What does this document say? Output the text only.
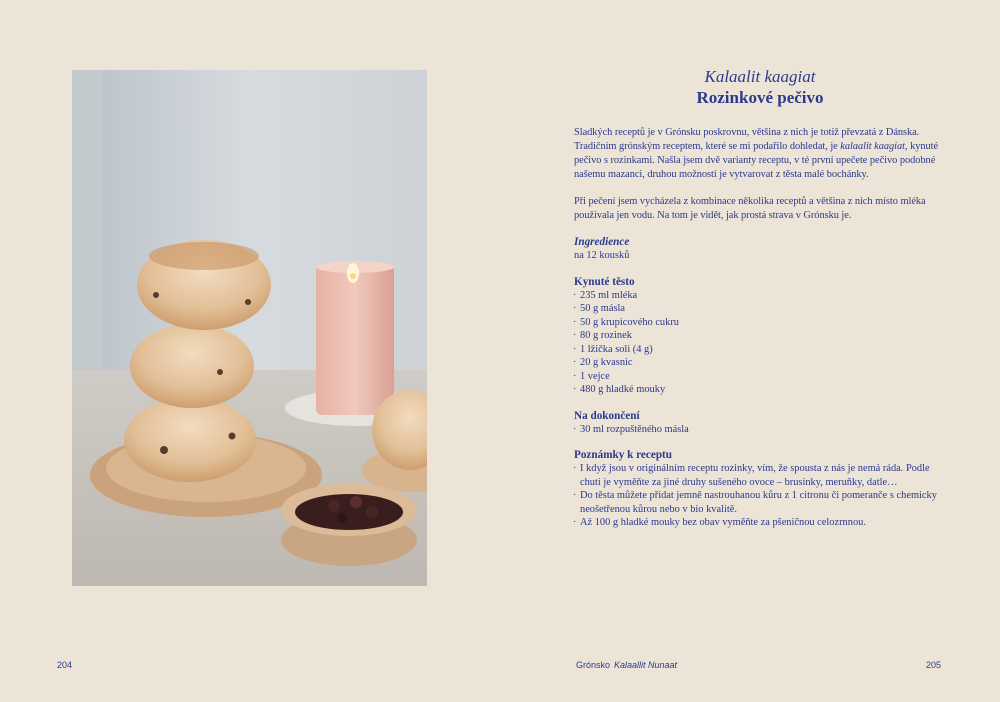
Kalaalit kaagiat
Rozinkové pečivo

Sladkých receptů je v Grónsku poskrovnu, většina z nich je totiž převzatá z Dánska. Tradičním grónským receptem, které se mi podařilo dohledat, je kalaalit kaagiat, kynuté pečivo s rozinkami. Našla jsem dvě varianty receptu, v té první upečete pečivo podobné našemu mazanci, druhou možností je vytvarovat z těsta malé bochánky.

Při pečení jsem vycházela z kombinace několika receptů a většina z nich místo mléka používala jen vodu. Na tom je vidět, jak prostá strava v Grónsku je.

Ingredience
na 12 kousků
Kynuté těsto
· 235 ml mléka
· 50 g másla
· 50 g krupicového cukru
· 80 g rozinek
· 1 lžička soli (4 g)
· 20 g kvasnic
· 1 vejce
· 480 g hladké mouky
Na dokončení
· 30 ml rozpuštěného másla
Poznámky k receptu
· I když jsou v originálním receptu rozinky, vím, že spousta z nás je nemá ráda. Podle chuti je vyměňte za jiné druhy sušeného ovoce – brusinky, meruňky, datle…
· Do těsta můžete přidat jemně nastrouhanou kůru z 1 citronu či pomeranče s chemicky neošetřenou kůrou nebo v bio kvalitě.
· Až 100 g hladké mouky bez obav vyměňte za pšeničnou celozrnnou.
204	Grónsko Kalaallit Nunaat	205
